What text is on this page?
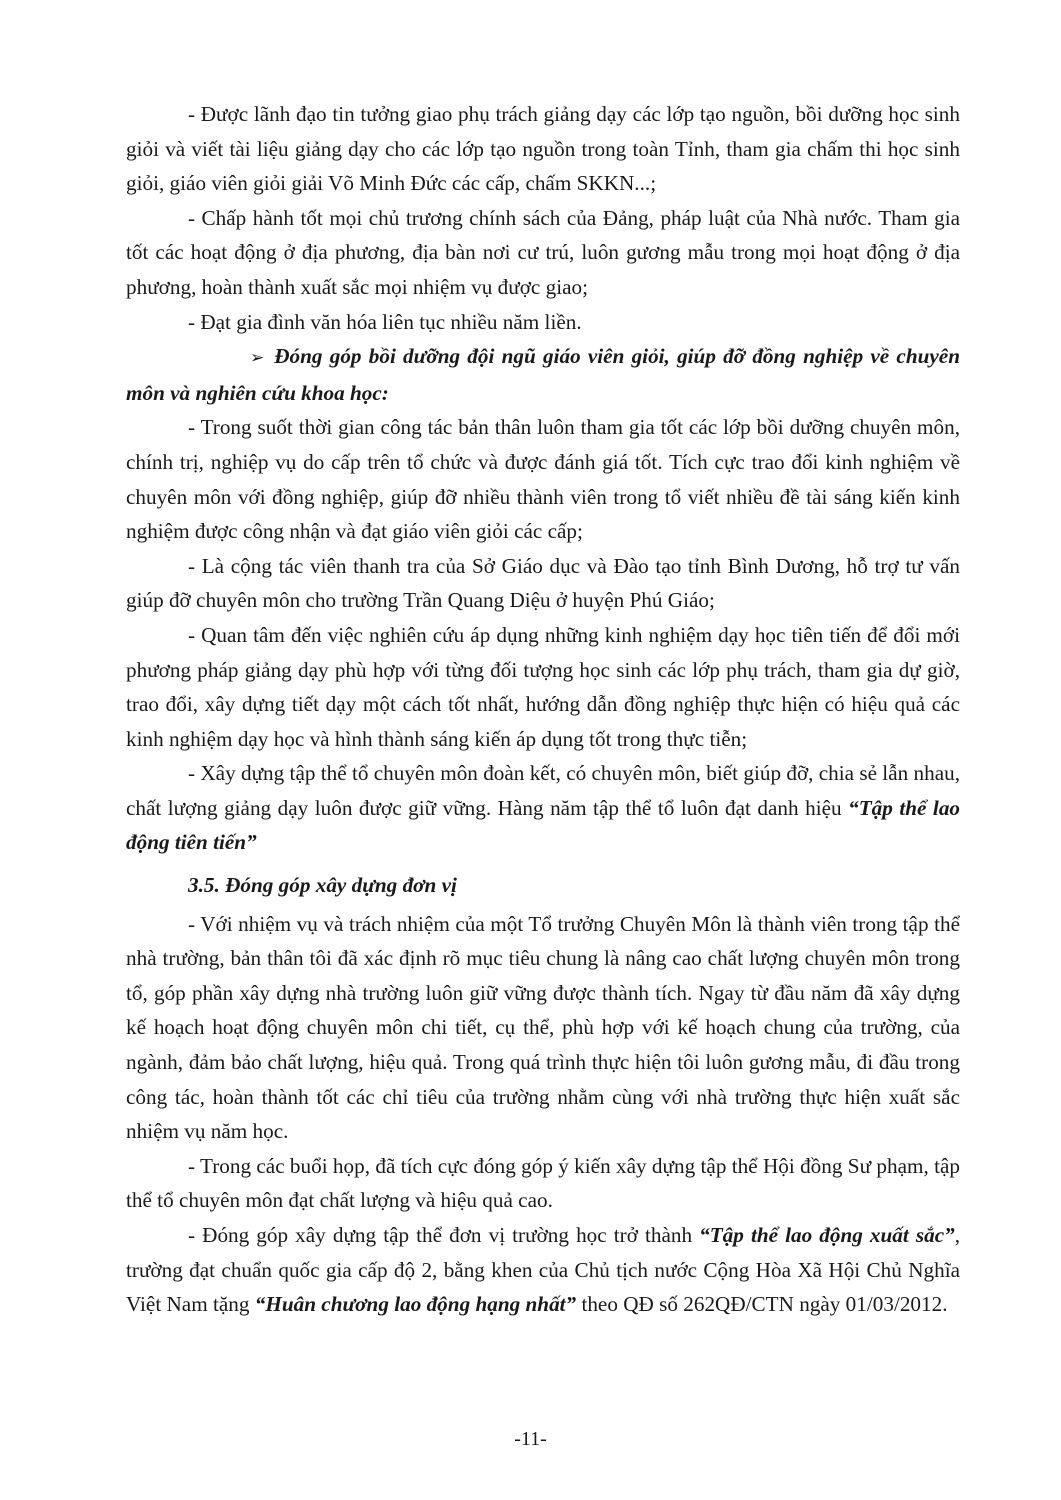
- Được lãnh đạo tin tưởng giao phụ trách giảng dạy các lớp tạo nguồn, bồi dưỡng học sinh giỏi và viết tài liệu giảng dạy cho các lớp tạo nguồn trong toàn Tỉnh, tham gia chấm thi học sinh giỏi, giáo viên giỏi giải Võ Minh Đức các cấp, chấm SKKN...;

- Chấp hành tốt mọi chủ trương chính sách của Đảng, pháp luật của Nhà nước. Tham gia tốt các hoạt động ở địa phương, địa bàn nơi cư trú, luôn gương mẫu trong mọi hoạt động ở địa phương, hoàn thành xuất sắc mọi nhiệm vụ được giao;

- Đạt gia đình văn hóa liên tục nhiều năm liền.

➢ Đóng góp bồi dưỡng đội ngũ giáo viên giỏi, giúp đỡ đồng nghiệp về chuyên môn và nghiên cứu khoa học:

- Trong suốt thời gian công tác bản thân luôn tham gia tốt các lớp bồi dưỡng chuyên môn, chính trị, nghiệp vụ do cấp trên tổ chức và được đánh giá tốt. Tích cực trao đổi kinh nghiệm về chuyên môn với đồng nghiệp, giúp đỡ nhiều thành viên trong tổ viết nhiều đề tài sáng kiến kinh nghiệm được công nhận và đạt giáo viên giỏi các cấp;

- Là cộng tác viên thanh tra của Sở Giáo dục và Đào tạo tỉnh Bình Dương, hỗ trợ tư vấn giúp đỡ chuyên môn cho trường Trần Quang Diệu ở huyện Phú Giáo;

- Quan tâm đến việc nghiên cứu áp dụng những kinh nghiệm dạy học tiên tiến để đổi mới phương pháp giảng dạy phù hợp với từng đối tượng học sinh các lớp phụ trách, tham gia dự giờ, trao đổi, xây dựng tiết dạy một cách tốt nhất, hướng dẫn đồng nghiệp thực hiện có hiệu quả các kinh nghiệm dạy học và hình thành sáng kiến áp dụng tốt trong thực tiễn;

- Xây dựng tập thể tổ chuyên môn đoàn kết, có chuyên môn, biết giúp đỡ, chia sẻ lẫn nhau, chất lượng giảng dạy luôn được giữ vững. Hàng năm tập thể tổ luôn đạt danh hiệu “Tập thể lao động tiên tiến”

3.5. Đóng góp xây dựng đơn vị

- Với nhiệm vụ và trách nhiệm của một Tổ trưởng Chuyên Môn là thành viên trong tập thể nhà trường, bản thân tôi đã xác định rõ mục tiêu chung là nâng cao chất lượng chuyên môn trong tổ, góp phần xây dựng nhà trường luôn giữ vững được thành tích. Ngay từ đầu năm đã xây dựng kế hoạch hoạt động chuyên môn chi tiết, cụ thể, phù hợp với kế hoạch chung của trường, của ngành, đảm bảo chất lượng, hiệu quả. Trong quá trình thực hiện tôi luôn gương mẫu, đi đầu trong công tác, hoàn thành tốt các chỉ tiêu của trường nhằm cùng với nhà trường thực hiện xuất sắc nhiệm vụ năm học.

- Trong các buổi họp, đã tích cực đóng góp ý kiến xây dựng tập thể Hội đồng Sư phạm, tập thể tổ chuyên môn đạt chất lượng và hiệu quả cao.

- Đóng góp xây dựng tập thể đơn vị trường học trở thành “Tập thể lao động xuất sắc”, trường đạt chuẩn quốc gia cấp độ 2, bằng khen của Chủ tịch nước Cộng Hòa Xã Hội Chủ Nghĩa Việt Nam tặng “Huân chương lao động hạng nhất” theo QĐ số 262QĐ/CTN ngày 01/03/2012.

-11-
